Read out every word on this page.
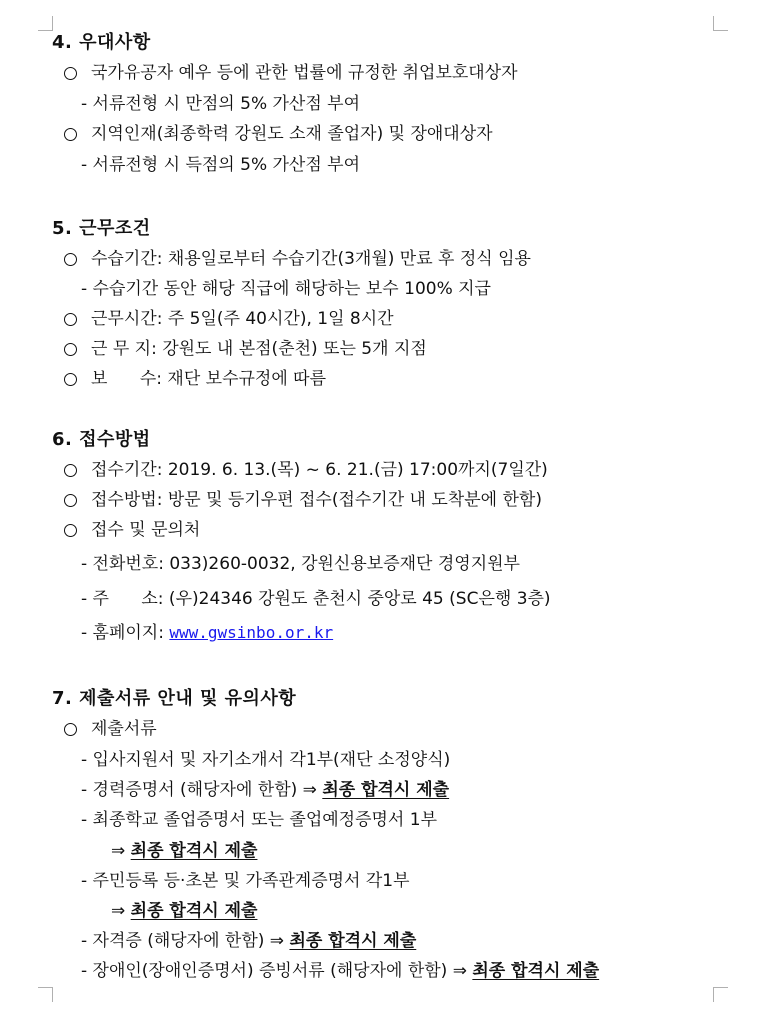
4. 우대사항
국가유공자 예우 등에 관한 법률에 규정한 취업보호대상자
- 서류전형 시 만점의 5% 가산점 부여
지역인재(최종학력 강원도 소재 졸업자) 및 장애대상자
- 서류전형 시 득점의 5% 가산점 부여
5. 근무조건
수습기간: 채용일로부터 수습기간(3개월) 만료 후 정식 임용
- 수습기간 동안 해당 직급에 해당하는 보수 100% 지급
근무시간: 주 5일(주 40시간), 1일 8시간
근 무 지: 강원도 내 본점(춘천) 또는 5개 지점
보      수: 재단 보수규정에 따름
6. 접수방법
접수기간: 2019. 6. 13.(목) ~ 6. 21.(금) 17:00까지(7일간)
접수방법: 방문 및 등기우편 접수(접수기간 내 도착분에 한함)
접수 및 문의처
- 전화번호: 033)260-0032, 강원신용보증재단 경영지원부
- 주      소: (우)24346 강원도 춘천시 중앙로 45 (SC은행 3층)
- 홈페이지: www.gwsinbo.or.kr
7. 제출서류 안내 및 유의사항
제출서류
- 입사지원서 및 자기소개서 각1부(재단 소정양식)
- 경력증명서 (해당자에 한함) ⇒ 최종 합격시 제출
- 최종학교 졸업증명서 또는 졸업예정증명서 1부
⇒ 최종 합격시 제출
- 주민등록 등·초본 및 가족관계증명서 각1부
⇒ 최종 합격시 제출
- 자격증 (해당자에 한함) ⇒ 최종 합격시 제출
- 장애인(장애인증명서) 증빙서류 (해당자에 한함) ⇒ 최종 합격시 제출
